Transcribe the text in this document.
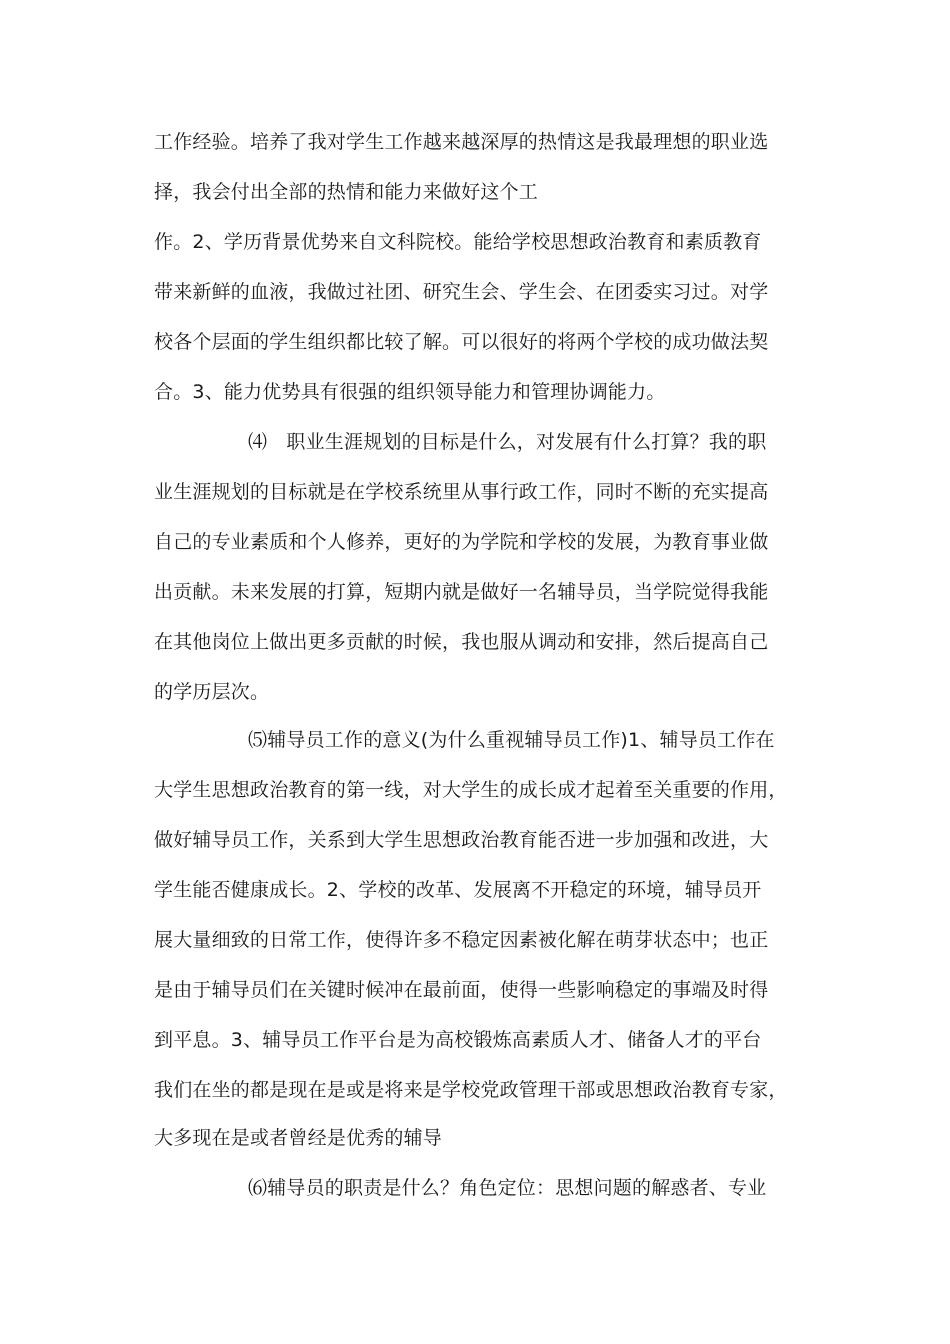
工作经验。培养了我对学生工作越来越深厚的热情这是我最理想的职业选
择，我会付出全部的热情和能力来做好这个工
作。2、学历背景优势来自文科院校。能给学校思想政治教育和素质教育
带来新鲜的血液，我做过社团、研究生会、学生会、在团委实习过。对学
校各个层面的学生组织都比较了解。可以很好的将两个学校的成功做法契
合。3、能力优势具有很强的组织领导能力和管理协调能力。
⑷　职业生涯规划的目标是什么，对发展有什么打算？我的职
业生涯规划的目标就是在学校系统里从事行政工作，同时不断的充实提高
自己的专业素质和个人修养，更好的为学院和学校的发展，为教育事业做
出贡献。未来发展的打算，短期内就是做好一名辅导员，当学院觉得我能
在其他岗位上做出更多贡献的时候，我也服从调动和安排，然后提高自己
的学历层次。
⑸辅导员工作的意义(为什么重视辅导员工作)1、辅导员工作在
大学生思想政治教育的第一线，对大学生的成长成才起着至关重要的作用，
做好辅导员工作，关系到大学生思想政治教育能否进一步加强和改进，大
学生能否健康成长。2、学校的改革、发展离不开稳定的环境，辅导员开
展大量细致的日常工作，使得许多不稳定因素被化解在萌芽状态中；也正
是由于辅导员们在关键时候冲在最前面，使得一些影响稳定的事端及时得
到平息。3、辅导员工作平台是为高校锻炼高素质人才、储备人才的平台
我们在坐的都是现在是或是将来是学校党政管理干部或思想政治教育专家，
大多现在是或者曾经是优秀的辅导
⑹辅导员的职责是什么？角色定位：思想问题的解惑者、专业
